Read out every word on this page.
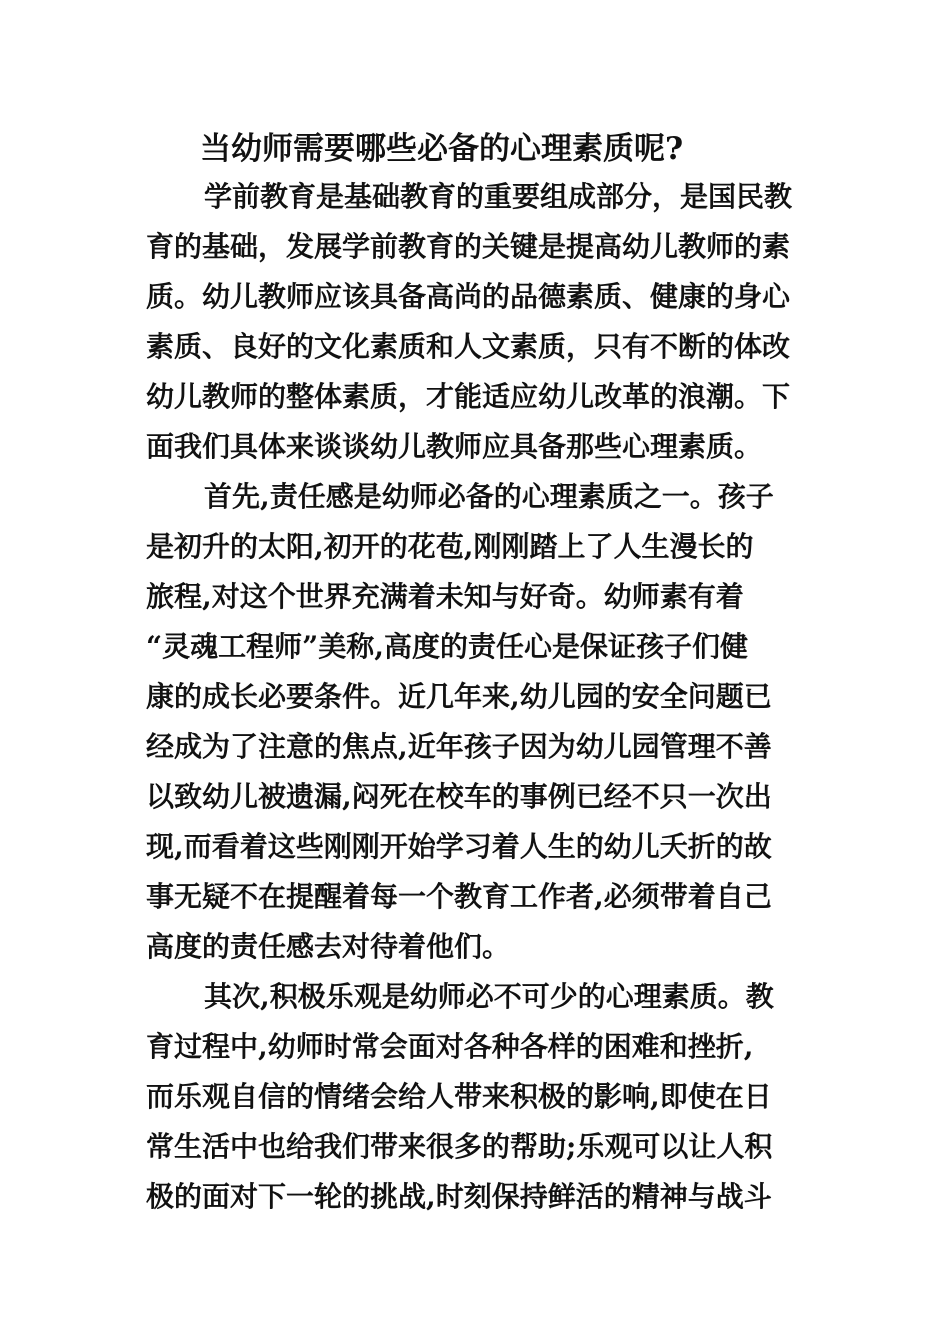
当幼师需要哪些必备的心理素质呢?

学前教育是基础教育的重要组成部分，是国民教
育的基础，发展学前教育的关键是提高幼儿教师的素
质。幼儿教师应该具备高尚的品德素质、健康的身心
素质、良好的文化素质和人文素质，只有不断的体改
幼儿教师的整体素质，才能适应幼儿改革的浪潮。下
面我们具体来谈谈幼儿教师应具备那些心理素质。

首先,责任感是幼师必备的心理素质之一。孩子
是初升的太阳,初开的花苞,刚刚踏上了人生漫长的
旅程,对这个世界充满着未知与好奇。幼师素有着
“灵魂工程师”美称,高度的责任心是保证孩子们健
康的成长必要条件。近几年来,幼儿园的安全问题已
经成为了注意的焦点,近年孩子因为幼儿园管理不善
以致幼儿被遗漏,闷死在校车的事例已经不只一次出
现,而看着这些刚刚开始学习着人生的幼儿夭折的故
事无疑不在提醒着每一个教育工作者,必须带着自己
高度的责任感去对待着他们。

其次,积极乐观是幼师必不可少的心理素质。教
育过程中,幼师时常会面对各种各样的困难和挫折,
而乐观自信的情绪会给人带来积极的影响,即使在日
常生活中也给我们带来很多的帮助;乐观可以让人积
极的面对下一轮的挑战,时刻保持鲜活的精神与战斗
